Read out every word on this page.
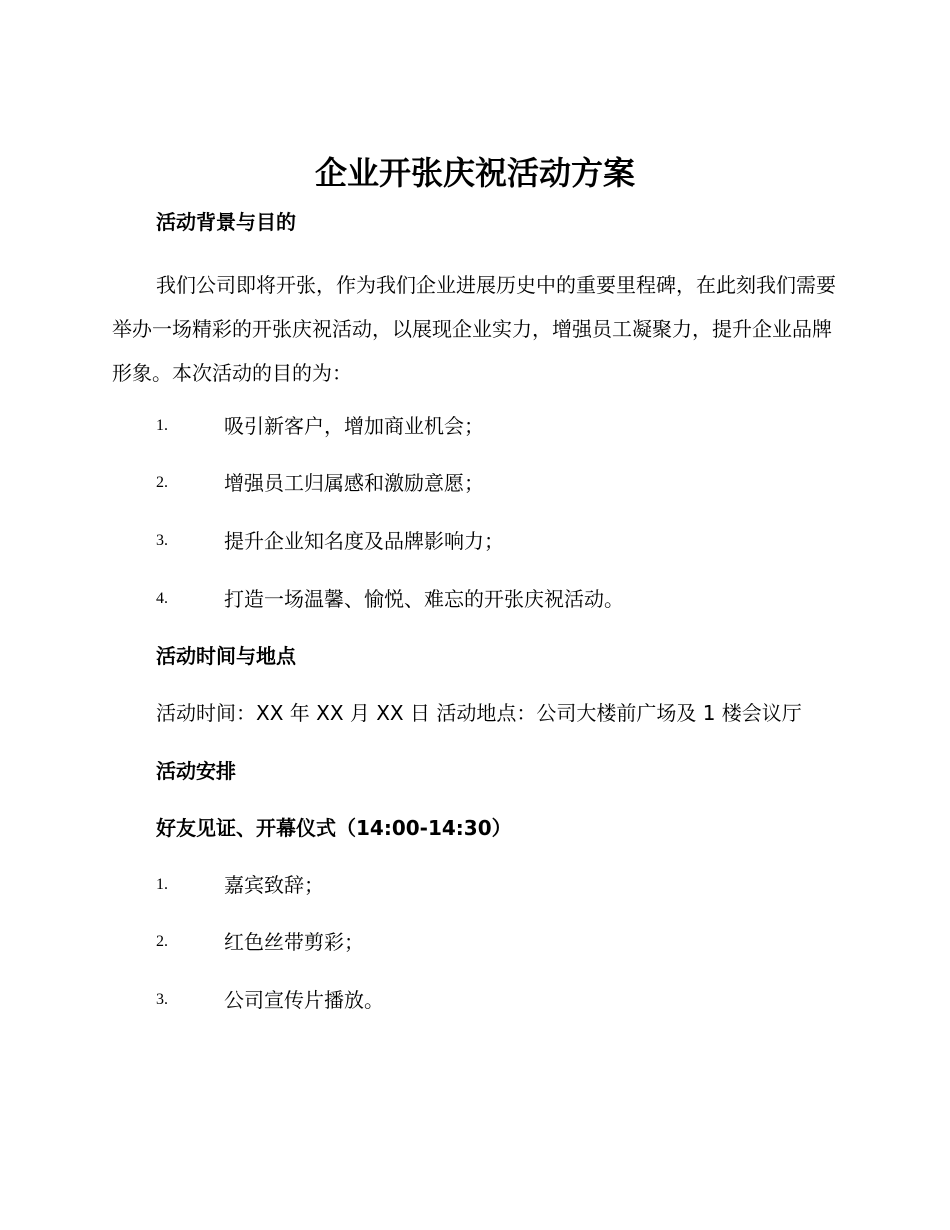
企业开张庆祝活动方案
活动背景与目的
我们公司即将开张，作为我们企业进展历史中的重要里程碑，在此刻我们需要举办一场精彩的开张庆祝活动，以展现企业实力，增强员工凝聚力，提升企业品牌形象。本次活动的目的为：
1.	吸引新客户，增加商业机会；
2.	增强员工归属感和激励意愿；
3.	提升企业知名度及品牌影响力；
4.	打造一场温馨、愉悦、难忘的开张庆祝活动。
活动时间与地点
活动时间：XX 年 XX 月 XX 日 活动地点：公司大楼前广场及 1 楼会议厅
活动安排
好友见证、开幕仪式（14:00-14:30）
1.	嘉宾致辞；
2.	红色丝带剪彩；
3.	公司宣传片播放。
